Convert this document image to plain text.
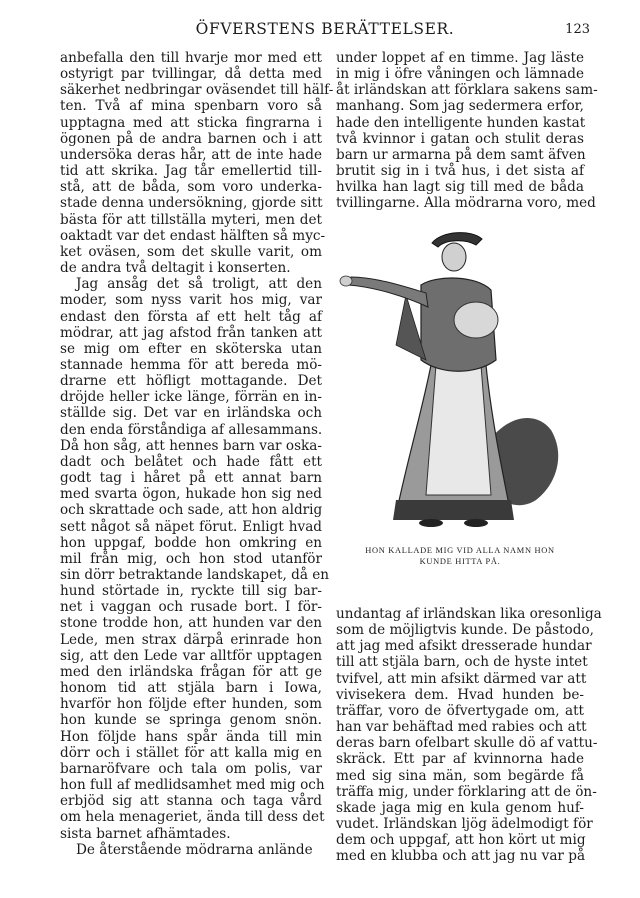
ÖFVERSTENS BERÄTTELSER.	123
anbefalla den till hvarje mor med ett
ostyrigt par tvillingar, då detta med
säkerhet nedbringar oväsendet till hälf-
ten. Två af mina spenbarn voro så
upptagna med att sticka fingrarna i
ögonen på de andra barnen och i att
undersöka deras hår, att de inte hade
tid att skrika. Jag tår emellertid till-
stå, att de båda, som voro underka-
stade denna undersökning, gjorde sitt
bästa för att tillställa myteri, men det
oaktadt var det endast hälften så myc-
ket oväsen, som det skulle varit, om
de andra två deltagit i konserten.
Jag ansåg det så troligt, att den
moder, som nyss varit hos mig, var
endast den första af ett helt tåg af
mödrar, att jag afstod från tanken att
se mig om efter en sköterska utan
stannade hemma för att bereda mö-
drarne ett höfligt mottagande. Det
dröjde heller icke länge, förrän en in-
ställde sig. Det var en irländska och
den enda förståndiga af allesammans.
Då hon såg, att hennes barn var oska-
dadt och belåtet och hade fått ett
godt tag i håret på ett annat barn
med svarta ögon, hukade hon sig ned
och skrattade och sade, att hon aldrig
sett något så näpet förut. Enligt hvad
hon uppgaf, bodde hon omkring en
mil från mig, och hon stod utanför
sin dörr betraktande landskapet, då en
hund störtade in, ryckte till sig bar-
net i vaggan och rusade bort. I för-
stone trodde hon, att hunden var den
Lede, men strax därpå erinrade hon
sig, att den Lede var alltför upptagen
med den irländska frågan för att ge
honom tid att stjäla barn i Iowa,
hvarför hon följde efter hunden, som
hon kunde se springa genom snön.
Hon följde hans spår ända till min
dörr och i stället för att kalla mig en
barnaröfvare och tala om polis, var
hon full af medlidsamhet med mig och
erbjöd sig att stanna och taga vård
om hela menageriet, ända till dess det
sista barnet afhämtades.
De återstående mödrarna anlände
under loppet af en timme. Jag läste
in mig i öfre våningen och lämnade
åt irländskan att förklara sakens sam-
manhang. Som jag sedermera erfor,
hade den intelligente hunden kastat
två kvinnor i gatan och stulit deras
barn ur armarna på dem samt äfven
brutit sig in i två hus, i det sista af
hvilka han lagt sig till med de båda
tvillingarne. Alla mödrarna voro, med
HON KALLADE MIG VID ALLA NAMN HON
KUNDE HITTA PÅ.
undantag af irländskan lika oresonliga
som de möjligtvis kunde. De påstodo,
att jag med afsikt dresserade hundar
till att stjäla barn, och de hyste intet
tvifvel, att min afsikt därmed var att
vivisekera dem. Hvad hunden be-
träffar, voro de öfvertygade om, att
han var behäftad med rabies och att
deras barn ofelbart skulle dö af vattu-
skräck. Ett par af kvinnorna hade
med sig sina män, som begärde få
träffa mig, under förklaring att de ön-
skade jaga mig en kula genom huf-
vudet. Irländskan ljög ädelmodigt för
dem och uppgaf, att hon kört ut mig
med en klubba och att jag nu var på
